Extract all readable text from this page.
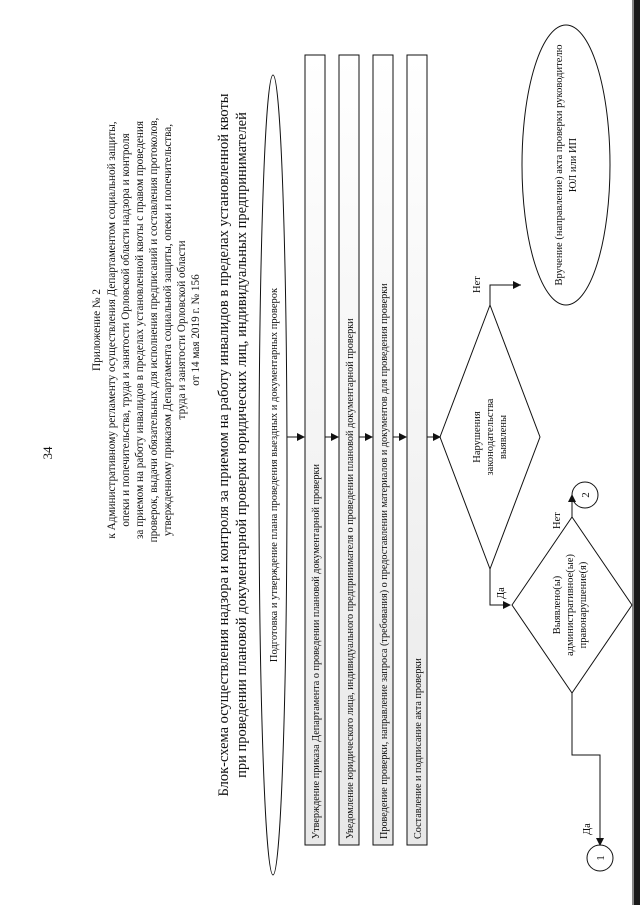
34
Приложение № 2 к Административному регламенту осуществления Департаментом социальной защиты, опеки и попечительства, труда и занятости Орловской области надзора и контроля за приемом на работу инвалидов в пределах установленной квоты с правом проведения проверок, выдачи обязательных для исполнения предписаний и составления протоколов, утвержденному приказом Департамента социальной защиты, опеки и попечительства, труда и занятости Орловской области от 14 мая 2019 г. № 156 Блок-схема осуществления надзора и контроля за приемом на работу инвалидов в пределах установленной квоты при проведении плановой документарной проверки юридических лиц, индивидуальных предпринимателей Подготовка и утверждение плана проведения выездных и документарных проверок	Утверждение приказа Департамента о проведении плановой документарной проверки Уведомление юридического лица, индивидуального предпринимателя о проведении плановой документарной проверки Проведение проверки, направление запроса (требования) о предоставлении материалов и документов для проведения проверки Составление и подписание акта проверки
Нарушения законодательства выявлены
Нет	Вручение (направление) акта проверки руководителю ЮЛ или ИП
Да	Выявлено(ы) административное(ые) правонарушение(я)
Нет
2
Да
1
